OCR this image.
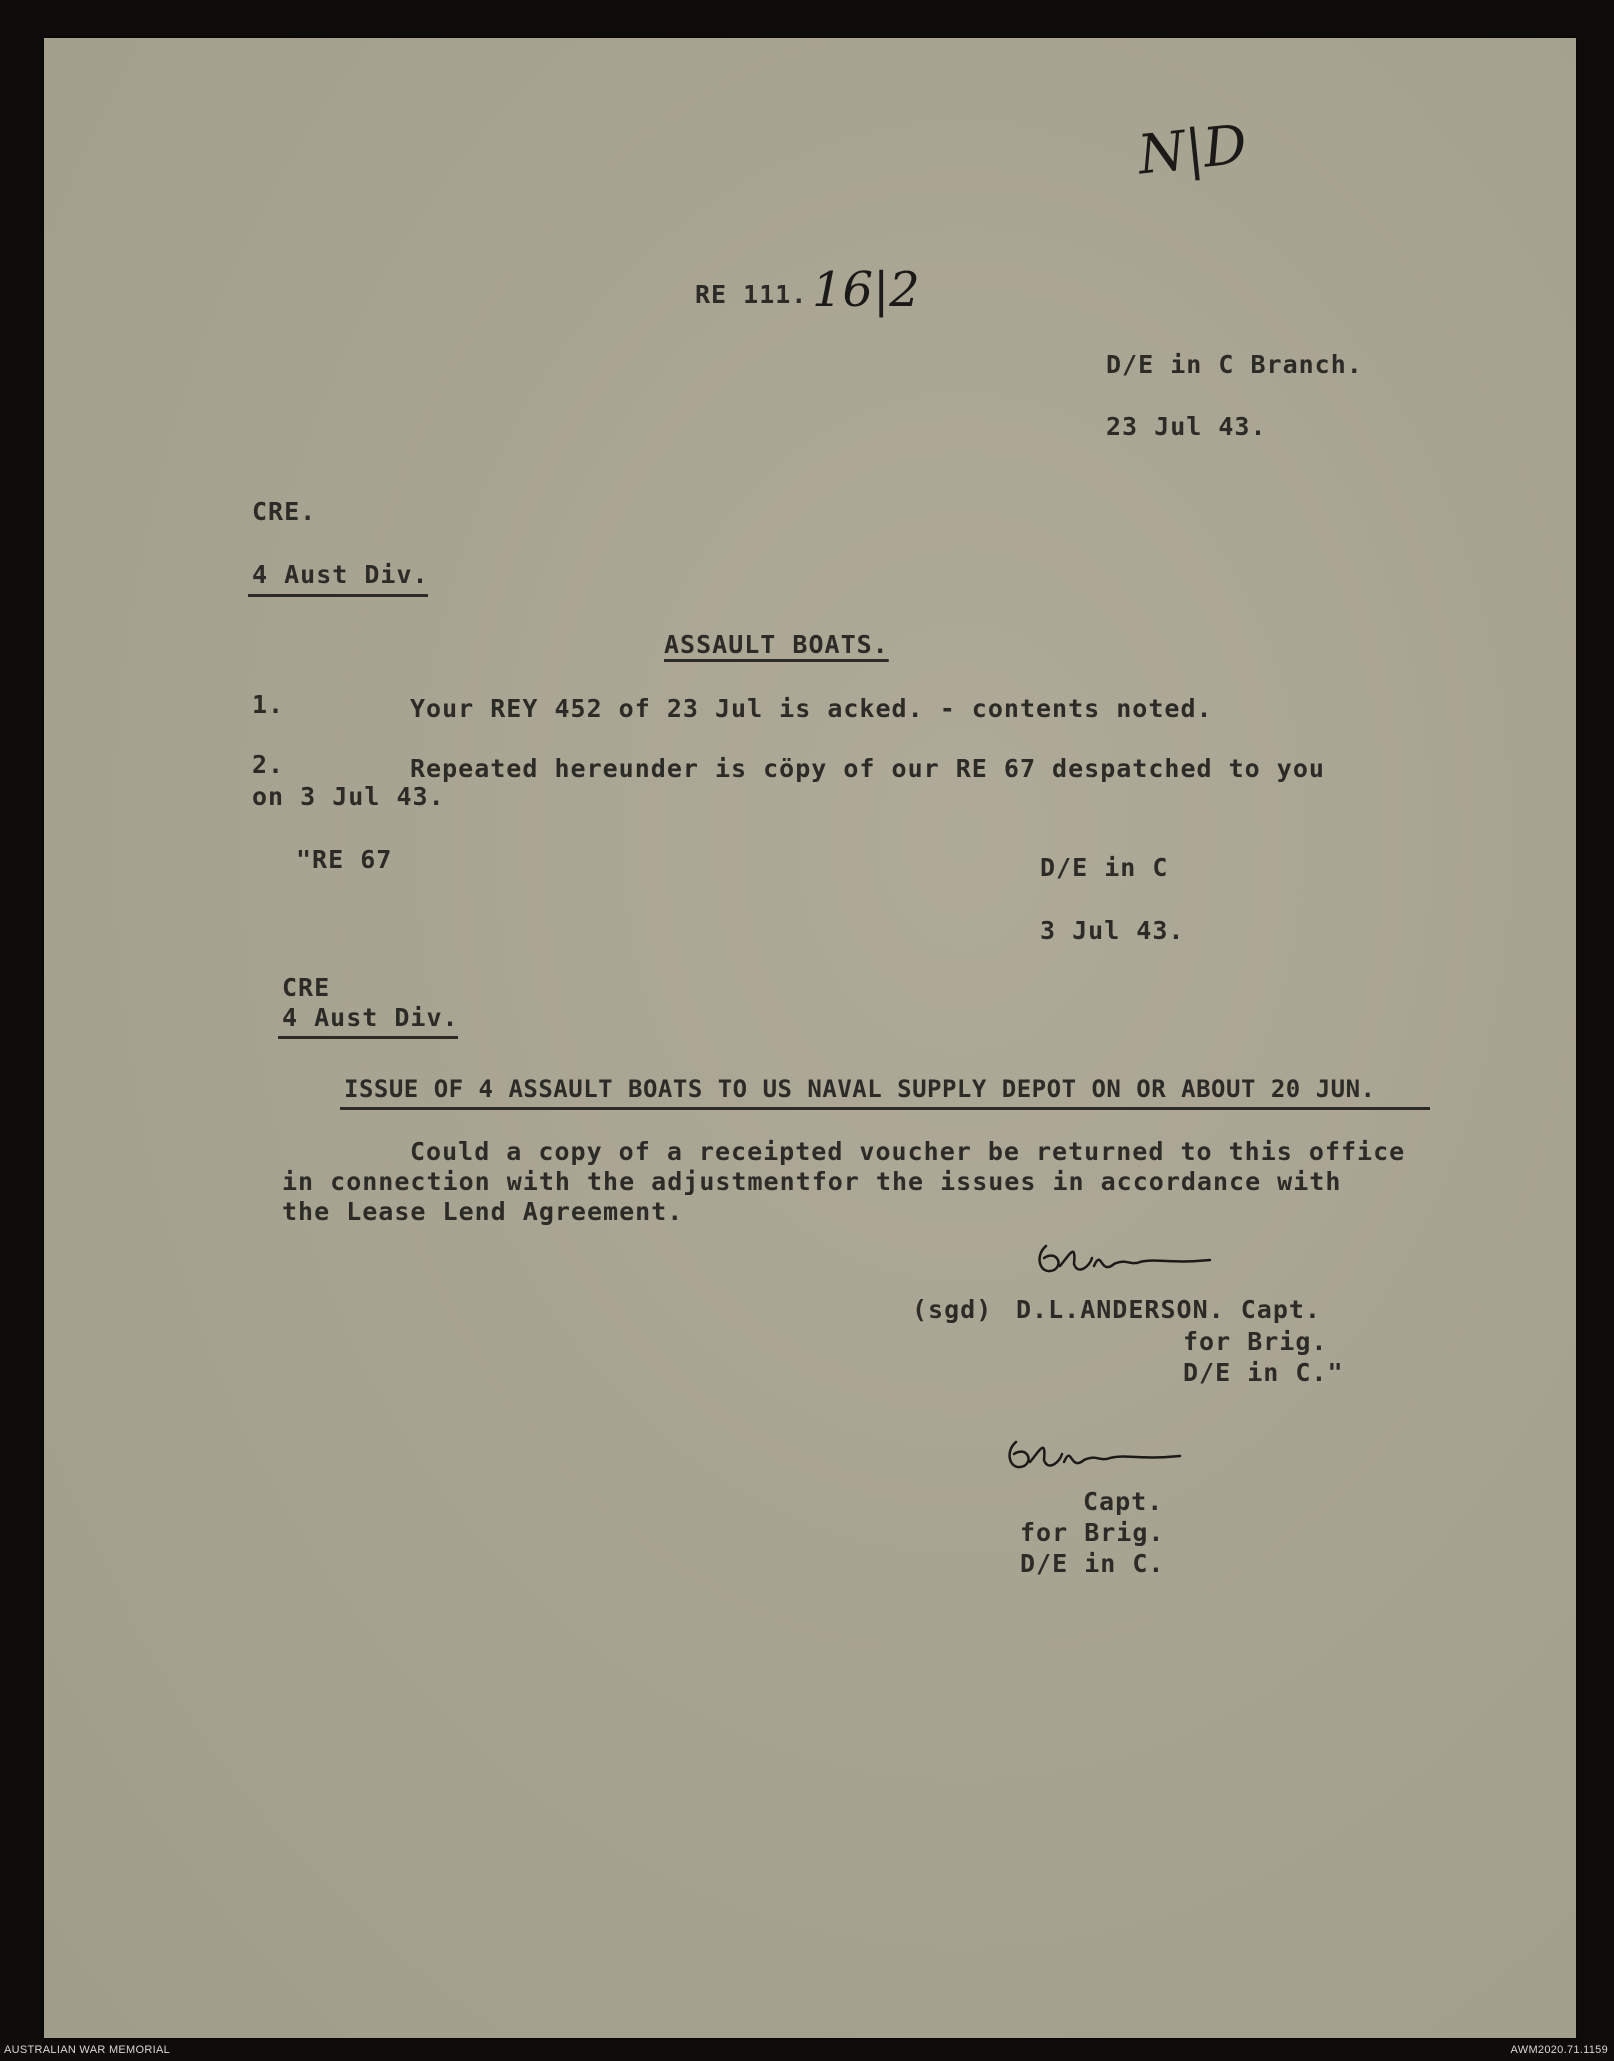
N|D
RE 111. 16|2
D/E in C Branch.
23 Jul 43.
CRE.
4 Aust Div.
ASSAULT BOATS.
1.	Your REY 452 of 23 Jul is acked. - contents noted.
2.	Repeated hereunder is cöpy of our RE 67 despatched to you
on 3 Jul 43.
"RE 67	D/E in C
3 Jul 43.
CRE
4 Aust Div.
ISSUE OF 4 ASSAULT BOATS TO US NAVAL SUPPLY DEPOT ON OR ABOUT 20 JUN.
Could a copy of a receipted voucher be returned to this office
in connection with the adjustmentfor the issues in accordance with
the Lease Lend Agreement.
(sgd) D.L.ANDERSON. Capt.
for Brig.
D/E in C."
Capt.
for Brig.
D/E in C.
AUSTRALIAN WAR MEMORIAL	AWM2020.71.1159
